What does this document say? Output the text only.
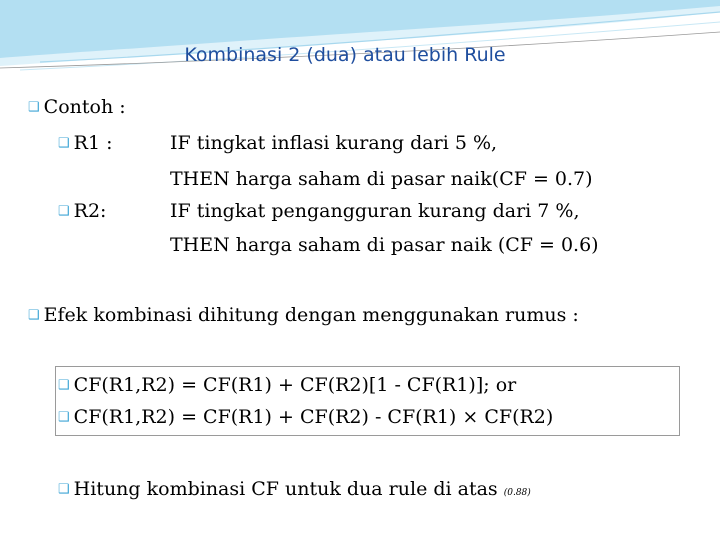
Kombinasi 2 (dua) atau lebih Rule
❑ Contoh :
❑ R1 :	IF tingkat inflasi kurang dari 5 %,
THEN harga saham di pasar naik(CF = 0.7)
❑ R2:	IF tingkat pengangguran kurang dari 7 %,
THEN harga saham di pasar naik (CF = 0.6)
❑ Efek kombinasi dihitung dengan menggunakan rumus :
❑ CF(R1,R2) = CF(R1) + CF(R2)[1 - CF(R1)]; or
❑ CF(R1,R2) = CF(R1) + CF(R2) - CF(R1) × CF(R2)
❑ Hitung kombinasi CF untuk dua rule di atas (0.88)
